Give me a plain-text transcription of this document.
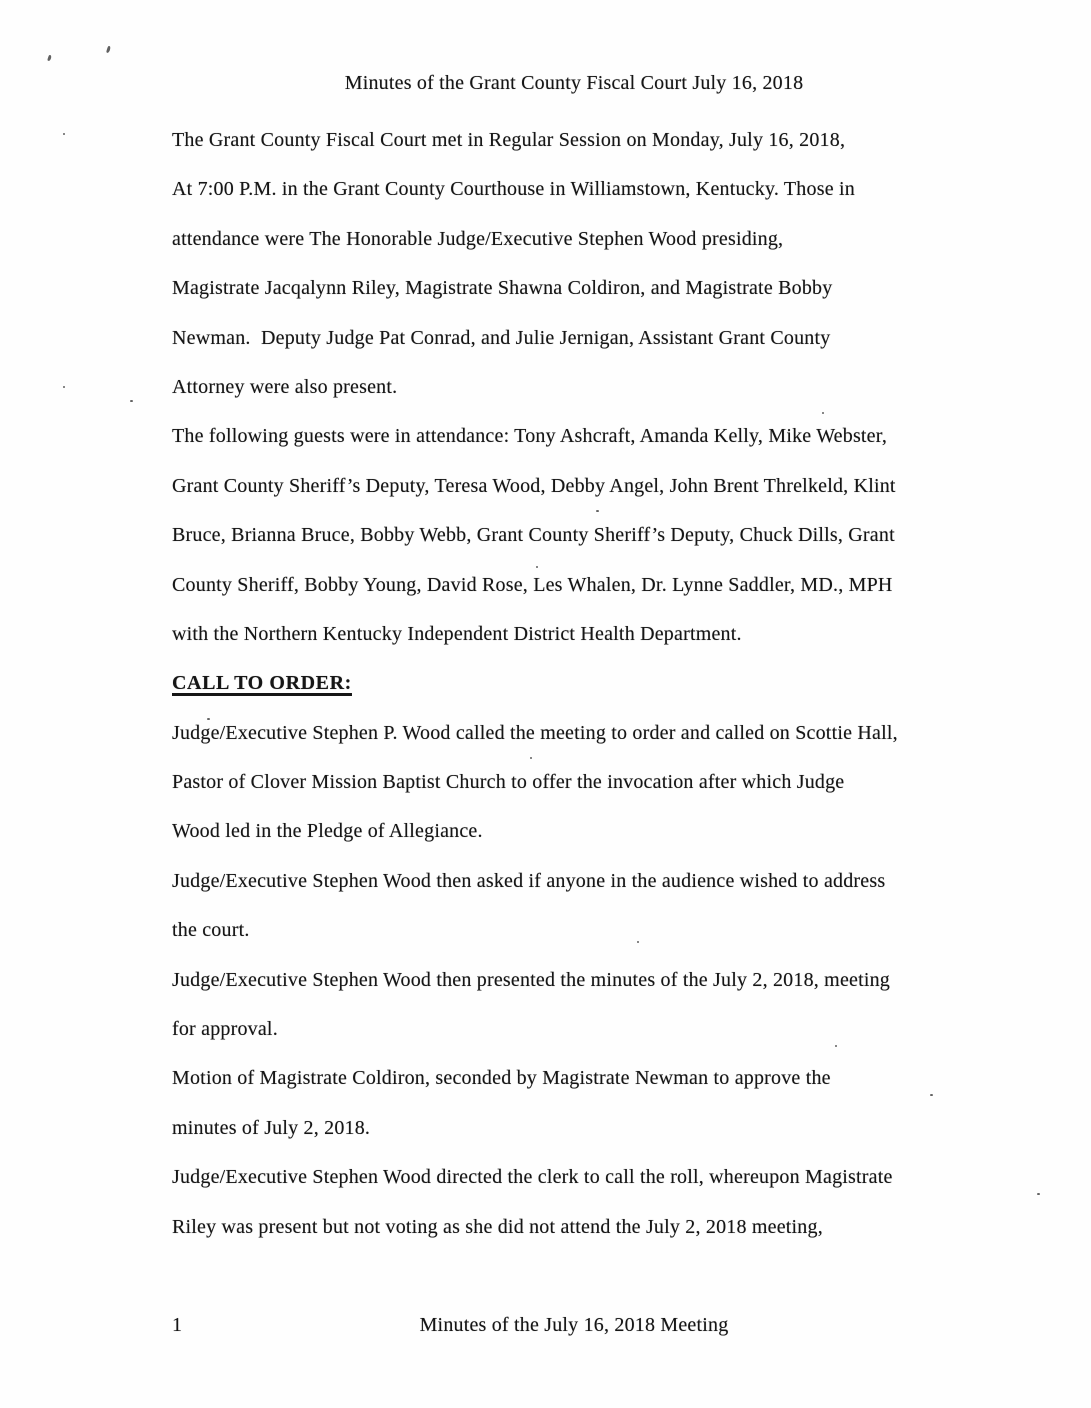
Minutes of the Grant County Fiscal Court July 16, 2018
The Grant County Fiscal Court met in Regular Session on Monday, July 16, 2018,
At 7:00 P.M. in the Grant County Courthouse in Williamstown, Kentucky. Those in
attendance were The Honorable Judge/Executive Stephen Wood presiding,
Magistrate Jacqalynn Riley, Magistrate Shawna Coldiron, and Magistrate Bobby
Newman.  Deputy Judge Pat Conrad, and Julie Jernigan, Assistant Grant County
Attorney were also present.
The following guests were in attendance: Tony Ashcraft, Amanda Kelly, Mike Webster,
Grant County Sheriff’s Deputy, Teresa Wood, Debby Angel, John Brent Threlkeld, Klint
Bruce, Brianna Bruce, Bobby Webb, Grant County Sheriff’s Deputy, Chuck Dills, Grant
County Sheriff, Bobby Young, David Rose, Les Whalen, Dr. Lynne Saddler, MD., MPH
with the Northern Kentucky Independent District Health Department.
CALL TO ORDER:
Judge/Executive Stephen P. Wood called the meeting to order and called on Scottie Hall,
Pastor of Clover Mission Baptist Church to offer the invocation after which Judge
Wood led in the Pledge of Allegiance.
Judge/Executive Stephen Wood then asked if anyone in the audience wished to address
the court.
Judge/Executive Stephen Wood then presented the minutes of the July 2, 2018, meeting
for approval.
Motion of Magistrate Coldiron, seconded by Magistrate Newman to approve the
minutes of July 2, 2018.
Judge/Executive Stephen Wood directed the clerk to call the roll, whereupon Magistrate
Riley was present but not voting as she did not attend the July 2, 2018 meeting,
1	Minutes of the July 16, 2018 Meeting
